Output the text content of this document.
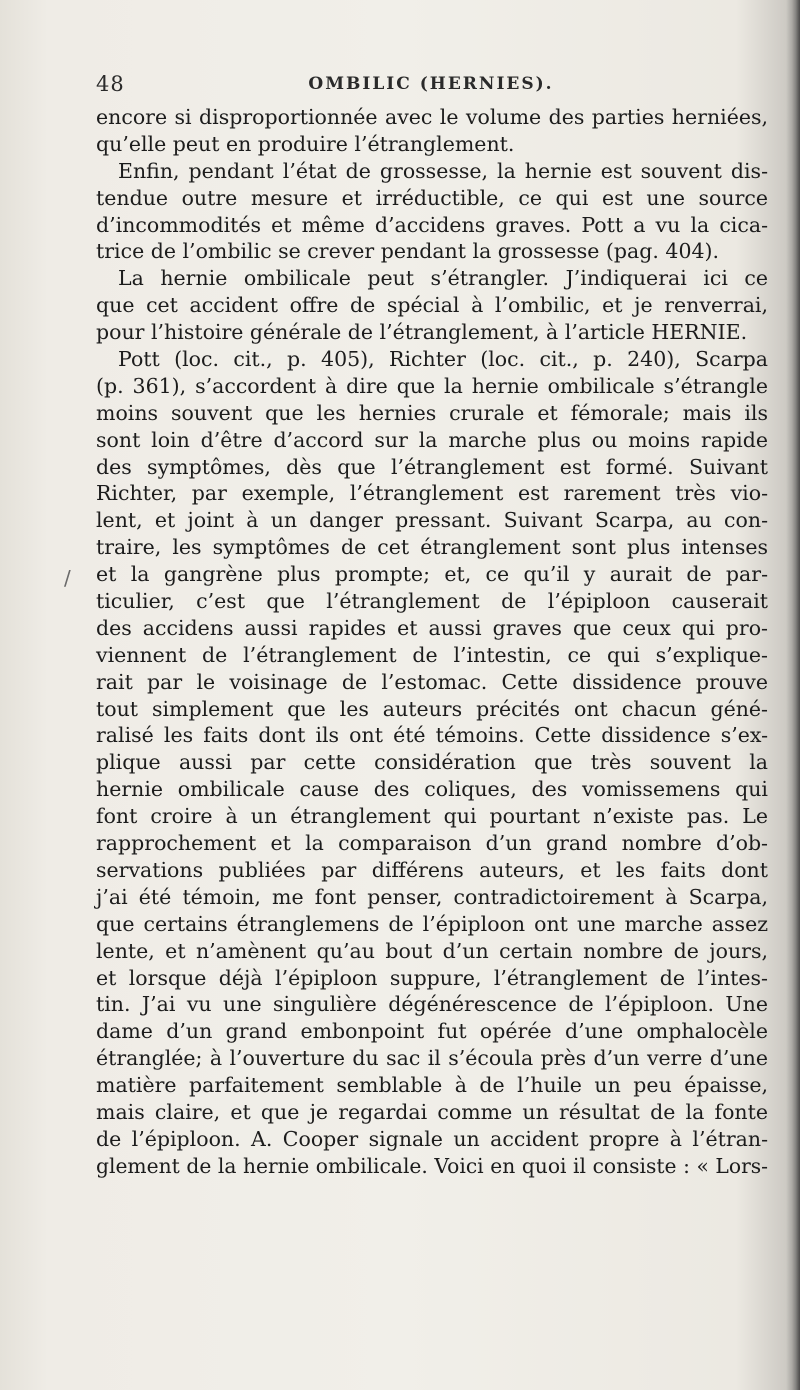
48	OMBILIC (HERNIES).
/
encore si disproportionnée avec le volume des parties herniées,
qu’elle peut en produire l’étranglement.
Enfin, pendant l’état de grossesse, la hernie est souvent dis-
tendue outre mesure et irréductible, ce qui est une source
d’incommodités et même d’accidens graves. Pott a vu la cica-
trice de l’ombilic se crever pendant la grossesse (pag. 404).
La hernie ombilicale peut s’étrangler. J’indiquerai ici ce
que cet accident offre de spécial à l’ombilic, et je renverrai,
pour l’histoire générale de l’étranglement, à l’article HERNIE.
Pott (loc. cit., p. 405), Richter (loc. cit., p. 240), Scarpa
(p. 361), s’accordent à dire que la hernie ombilicale s’étrangle
moins souvent que les hernies crurale et fémorale; mais ils
sont loin d’être d’accord sur la marche plus ou moins rapide
des symptômes, dès que l’étranglement est formé. Suivant
Richter, par exemple, l’étranglement est rarement très vio-
lent, et joint à un danger pressant. Suivant Scarpa, au con-
traire, les symptômes de cet étranglement sont plus intenses
et la gangrène plus prompte; et, ce qu’il y aurait de par-
ticulier, c’est que l’étranglement de l’épiploon causerait
des accidens aussi rapides et aussi graves que ceux qui pro-
viennent de l’étranglement de l’intestin, ce qui s’explique-
rait par le voisinage de l’estomac. Cette dissidence prouve
tout simplement que les auteurs précités ont chacun géné-
ralisé les faits dont ils ont été témoins. Cette dissidence s’ex-
plique aussi par cette considération que très souvent la
hernie ombilicale cause des coliques, des vomissemens qui
font croire à un étranglement qui pourtant n’existe pas. Le
rapprochement et la comparaison d’un grand nombre d’ob-
servations publiées par différens auteurs, et les faits dont
j’ai été témoin, me font penser, contradictoirement à Scarpa,
que certains étranglemens de l’épiploon ont une marche assez
lente, et n’amènent qu’au bout d’un certain nombre de jours,
et lorsque déjà l’épiploon suppure, l’étranglement de l’intes-
tin. J’ai vu une singulière dégénérescence de l’épiploon. Une
dame d’un grand embonpoint fut opérée d’une omphalocèle
étranglée; à l’ouverture du sac il s’écoula près d’un verre d’une
matière parfaitement semblable à de l’huile un peu épaisse,
mais claire, et que je regardai comme un résultat de la fonte
de l’épiploon. A. Cooper signale un accident propre à l’étran-
glement de la hernie ombilicale. Voici en quoi il consiste : « Lors-
